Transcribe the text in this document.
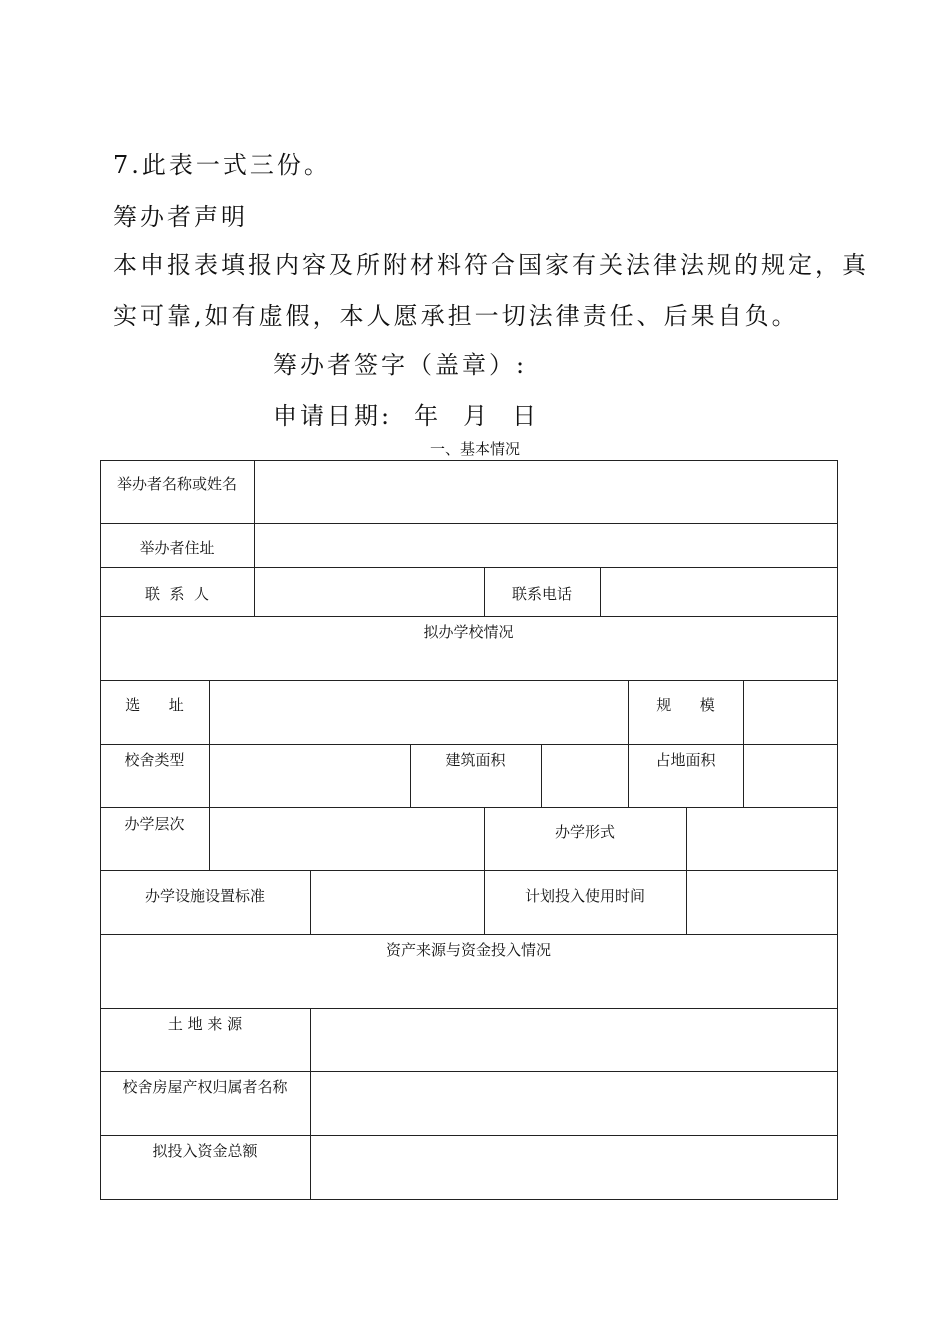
7.此表一式三份。
筹办者声明
本申报表填报内容及所附材料符合国家有关法律法规的规定，真
实可靠,如有虚假，本人愿承担一切法律责任、后果自负。
筹办者签字（盖章）:
申请日期: 年 月 日
一、基本情况
举办者名称或姓名
举办者住址
联  系  人	联系电话
拟办学校情况
选      址	规      模
校舍类型	建筑面积	占地面积
办学层次	办学形式
办学设施设置标准	计划投入使用时间
资产来源与资金投入情况
土 地 来 源
校舍房屋产权归属者名称
拟投入资金总额
